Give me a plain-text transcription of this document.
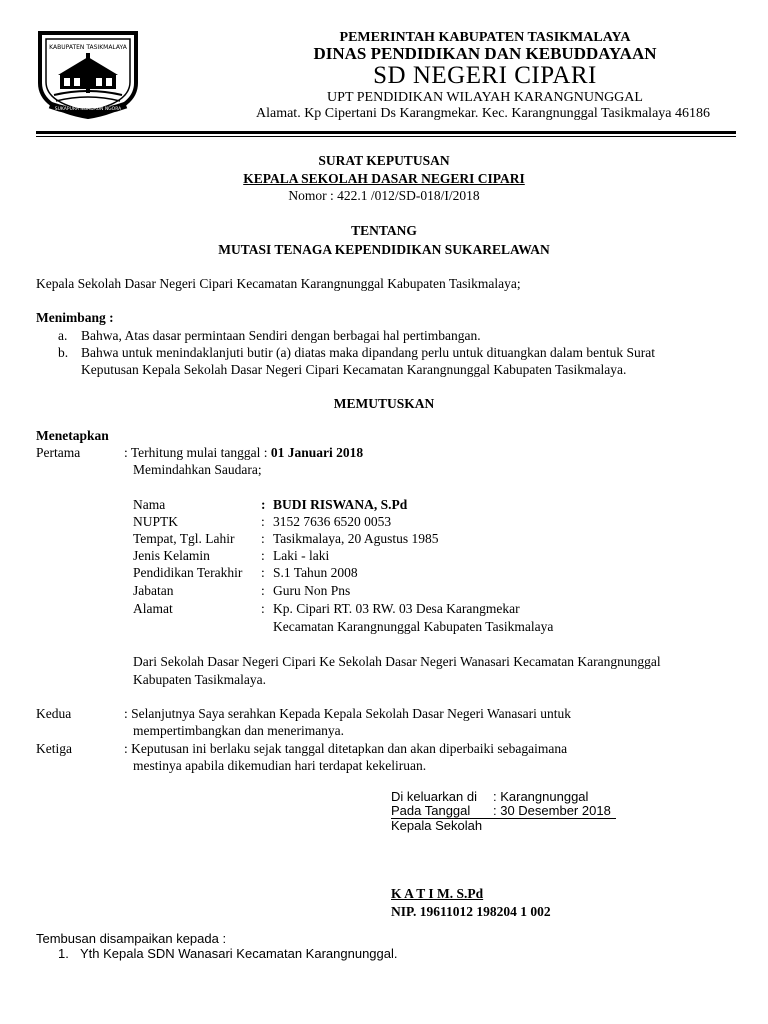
KABUPATEN TASIKMALAYA
SUKAPURA NGADAUN NGORA
PEMERINTAH KABUPATEN TASIKMALAYA
DINAS PENDIDIKAN DAN KEBUDDAYAAN
SD NEGERI CIPARI
UPT PENDIDIKAN WILAYAH KARANGNUNGGAL
Alamat. Kp Cipertani Ds Karangmekar. Kec. Karangnunggal Tasikmalaya 46186
SURAT KEPUTUSAN
KEPALA SEKOLAH DASAR NEGERI CIPARI
Nomor : 422.1 /012/SD-018/I/2018
TENTANG
MUTASI TENAGA KEPENDIDIKAN SUKARELAWAN
Kepala Sekolah Dasar Negeri Cipari Kecamatan Karangnunggal Kabupaten Tasikmalaya;
Menimbang :
a. Bahwa, Atas dasar permintaan Sendiri dengan berbagai hal pertimbangan.
b. Bahwa untuk menindaklanjuti butir (a) diatas maka dipandang perlu untuk dituangkan dalam bentuk Surat
Keputusan Kepala Sekolah Dasar Negeri Cipari Kecamatan Karangnunggal Kabupaten Tasikmalaya.
MEMUTUSKAN
Menetapkan
Pertama	: Terhitung mulai tanggal : 01 Januari 2018
Memindahkan Saudara;
Nama	: BUDI RISWANA, S.Pd
NUPTK	: 3152 7636 6520 0053
Tempat, Tgl. Lahir : Tasikmalaya, 20 Agustus 1985
Jenis Kelamin	: Laki - laki
Pendidikan Terakhir : S.1 Tahun 2008
Jabatan	: Guru Non Pns
Alamat	: Kp. Cipari RT. 03 RW. 03 Desa Karangmekar
Kecamatan Karangnunggal Kabupaten Tasikmalaya
Dari Sekolah Dasar Negeri Cipari Ke Sekolah Dasar Negeri Wanasari Kecamatan Karangnunggal
Kabupaten Tasikmalaya.
Kedua	: Selanjutnya Saya serahkan Kepada Kepala Sekolah Dasar Negeri Wanasari untuk
mempertimbangkan dan menerimanya.
Ketiga	: Keputusan ini berlaku sejak tanggal ditetapkan dan akan diperbaiki sebagaimana
mestinya apabila dikemudian hari terdapat kekeliruan.
Di keluarkan di : Karangnunggal
Pada Tanggal : 30 Desember 2018
Kepala Sekolah
K A T I M. S.Pd
NIP. 19611012 198204 1 002
Tembusan disampaikan kepada :
1. Yth Kepala SDN Wanasari Kecamatan Karangnunggal.
